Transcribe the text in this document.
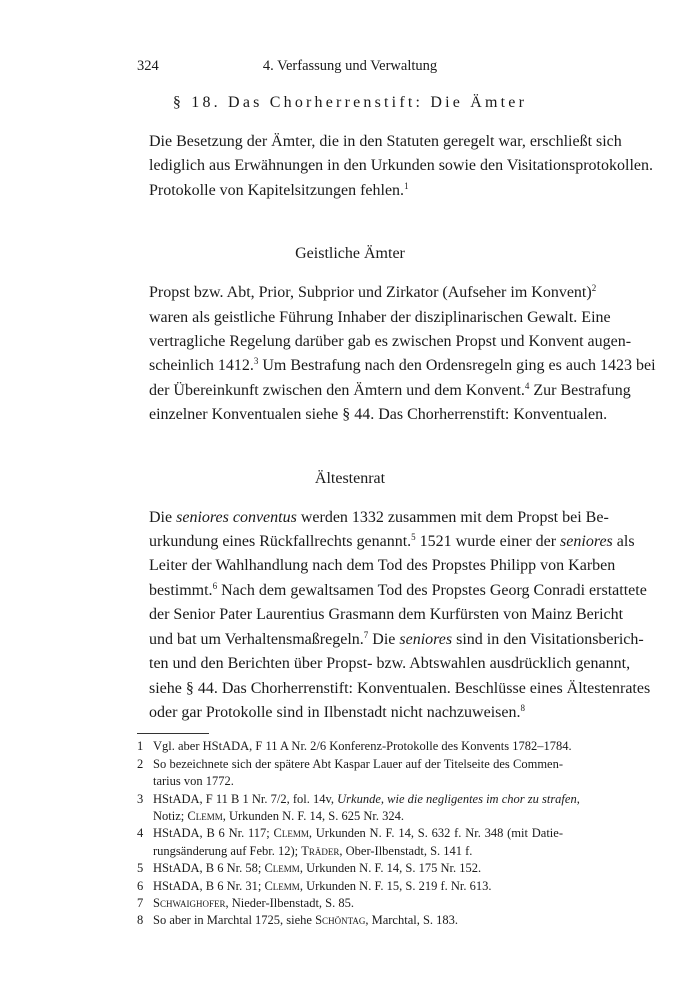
324	4. Verfassung und Verwaltung
§ 18. Das Chorherrenstift: Die Ämter

Die Besetzung der Ämter, die in den Statuten geregelt war, erschließt sich
lediglich aus Erwähnungen in den Urkunden sowie den Visitationsprotokollen.
Protokolle von Kapitelsitzungen fehlen.$^1$

Geistliche Ämter

Propst bzw. Abt, Prior, Subprior und Zirkator (Aufseher im Konvent)$^2$
waren als geistliche Führung Inhaber der disziplinarischen Gewalt. Eine
vertragliche Regelung darüber gab es zwischen Propst und Konvent augen-
scheinlich 1412.$^3$ Um Bestrafung nach den Ordensregeln ging es auch 1423 bei
der Übereinkunft zwischen den Ämtern und dem Konvent.$^4$ Zur Bestrafung
einzelner Konventualen siehe § 44. Das Chorherrenstift: Konventualen.

Ältestenrat

Die seniores conventus werden 1332 zusammen mit dem Propst bei Be-
urkundung eines Rückfallrechts genannt.$^5$ 1521 wurde einer der seniores als
Leiter der Wahlhandlung nach dem Tod des Propstes Philipp von Karben
bestimmt.$^6$ Nach dem gewaltsamen Tod des Propstes Georg Conradi erstattete
der Senior Pater Laurentius Grasmann dem Kurfürsten von Mainz Bericht
und bat um Verhaltensmaßregeln.$^7$ Die seniores sind in den Visitationsberich-
ten und den Berichten über Propst- bzw. Abtswahlen ausdrücklich genannt,
siehe § 44. Das Chorherrenstift: Konventualen. Beschlüsse eines Ältestenrates
oder gar Protokolle sind in Ilbenstadt nicht nachzuweisen.$^8$

1 Vgl. aber HStADA, F 11 A Nr. 2/6 Konferenz-Protokolle des Konvents 1782–1784.
2 So bezeichnete sich der spätere Abt Kaspar Lauer auf der Titelseite des Commen-
tarius von 1772.
3 HStADA, F 11 B 1 Nr. 7/2, fol. 14v, Urkunde, wie die negligentes im chor zu strafen,
Notiz; Clemm, Urkunden N. F. 14, S. 625 Nr. 324.
4 HStADA, B 6 Nr. 117; Clemm, Urkunden N. F. 14, S. 632 f. Nr. 348 (mit Datie-
rungsänderung auf Febr. 12); Träder, Ober-Ilbenstadt, S. 141 f.
5 HStADA, B 6 Nr. 58; Clemm, Urkunden N. F. 14, S. 175 Nr. 152.
6 HStADA, B 6 Nr. 31; Clemm, Urkunden N. F. 15, S. 219 f. Nr. 613.
7 Schwaighofer, Nieder-Ilbenstadt, S. 85.
8 So aber in Marchtal 1725, siehe Schöntag, Marchtal, S. 183.
